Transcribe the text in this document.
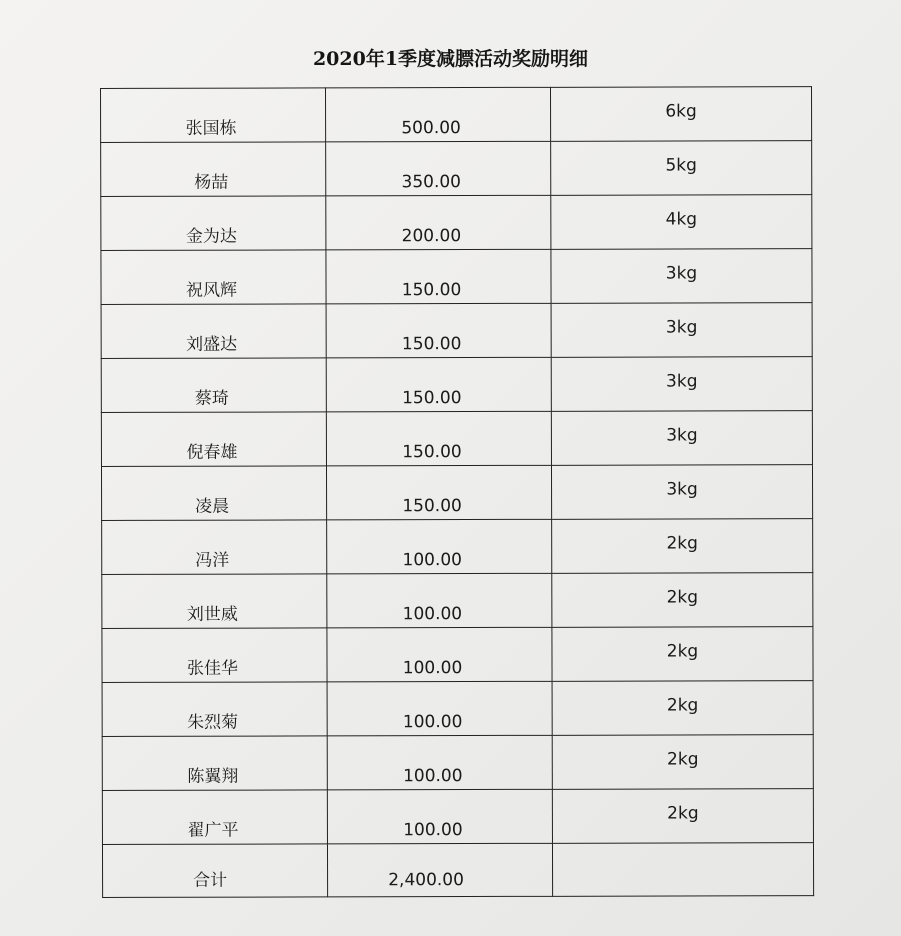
2020年1季度减膘活动奖励明细
张国栋	500.00	6kg

杨喆	350.00	5kg

金为达	200.00	4kg

祝风辉	150.00	3kg

刘盛达	150.00	3kg

蔡琦	150.00	3kg

倪春雄	150.00	3kg

凌晨	150.00	3kg

冯洋	100.00	2kg

刘世威	100.00	2kg

张佳华	100.00	2kg

朱烈菊	100.00	2kg

陈翼翔	100.00	2kg

翟广平	100.00	2kg

合计	2,400.00	
